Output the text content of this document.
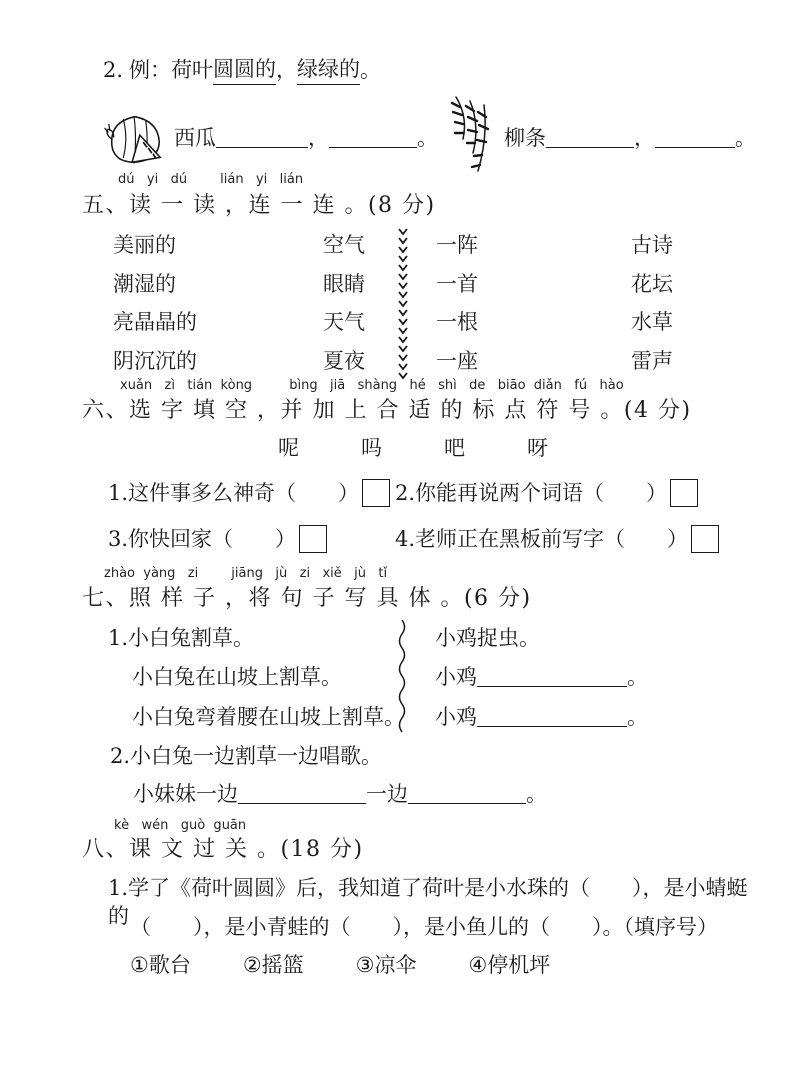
2. 例：荷叶 圆圆的 ， 绿绿的 。
西瓜	，	。	柳条	，	。
dú   yi   dú        lián   yi   lián
五、读 一 读 ，连 一 连 。(8 分)
美丽的	空气	一阵	古诗
潮湿的	眼睛	一首	花坛
亮晶晶的	天气	一根	水草
阴沉沉的	夏夜	一座	雷声
xuǎn   zì   tián  kòng         bìng   jiā   shàng   hé   shì   de   biāo  diǎn   fú   hào
六、选 字 填 空 ，并 加 上 合 适 的 标 点 符 号 。(4 分)
呢	吗	吧	呀
1.这件事多么神奇（　　）	2.你能再说两个词语（　　）
3.你快回家（　　）	4.老师正在黑板前写字（　　）
zhào  yàng   zi        jiāng   jù   zi   xiě   jù   tǐ
七、照 样 子 ，将 句 子 写 具 体 。(6 分)
1.小白兔割草。	小鸡捉虫。
小白兔在山坡上割草。	小鸡	。
小白兔弯着腰在山坡上割草。	小鸡	。
2.小白兔一边割草一边唱歌。
小妹妹一边	一边	。
kè   wén   guò  guān
八、课 文 过 关 。(18 分)
1.学了《荷叶圆圆》后，我知道了荷叶是小水珠的（　　），是小蜻蜓的 （　　），是小青蛙的（　　），是小鱼儿的（　　）。（填序号）
①歌台 ②摇篮 ③凉伞 ④停机坪
